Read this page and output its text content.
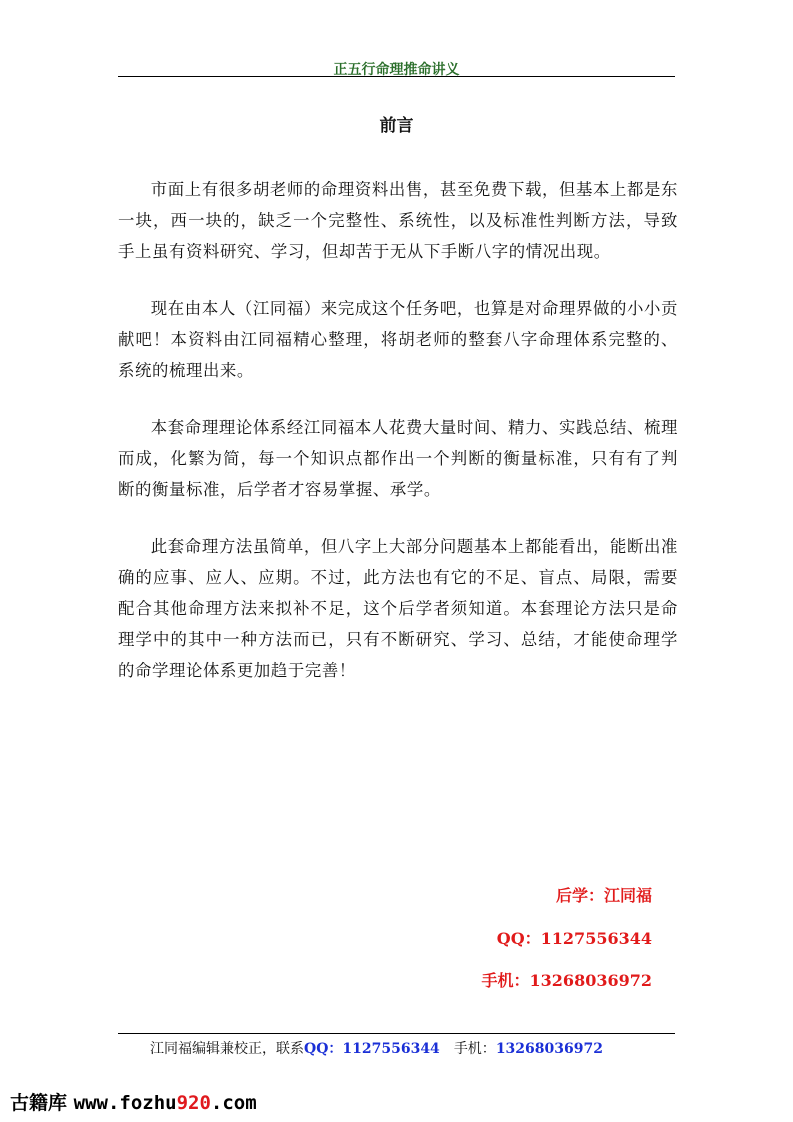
正五行命理推命讲义
前言

市面上有很多胡老师的命理资料出售，甚至免费下载，但基本上都是东一块，西一块的，缺乏一个完整性、系统性，以及标准性判断方法，导致手上虽有资料研究、学习，但却苦于无从下手断八字的情况出现。

现在由本人（江同福）来完成这个任务吧，也算是对命理界做的小小贡献吧！本资料由江同福精心整理，将胡老师的整套八字命理体系完整的、系统的梳理出来。

本套命理理论体系经江同福本人花费大量时间、精力、实践总结、梳理而成，化繁为简，每一个知识点都作出一个判断的衡量标准，只有有了判断的衡量标准，后学者才容易掌握、承学。

此套命理方法虽简单，但八字上大部分问题基本上都能看出，能断出准确的应事、应人、应期。不过，此方法也有它的不足、盲点、局限，需要配合其他命理方法来拟补不足，这个后学者须知道。本套理论方法只是命理学中的其中一种方法而已，只有不断研究、学习、总结，才能使命理学的命学理论体系更加趋于完善！

后学：江同福
QQ：1127556344
手机：13268036972
江同福编辑兼校正，联系QQ：1127556344 手机：13268036972
古籍库 www.fozhu920.com
